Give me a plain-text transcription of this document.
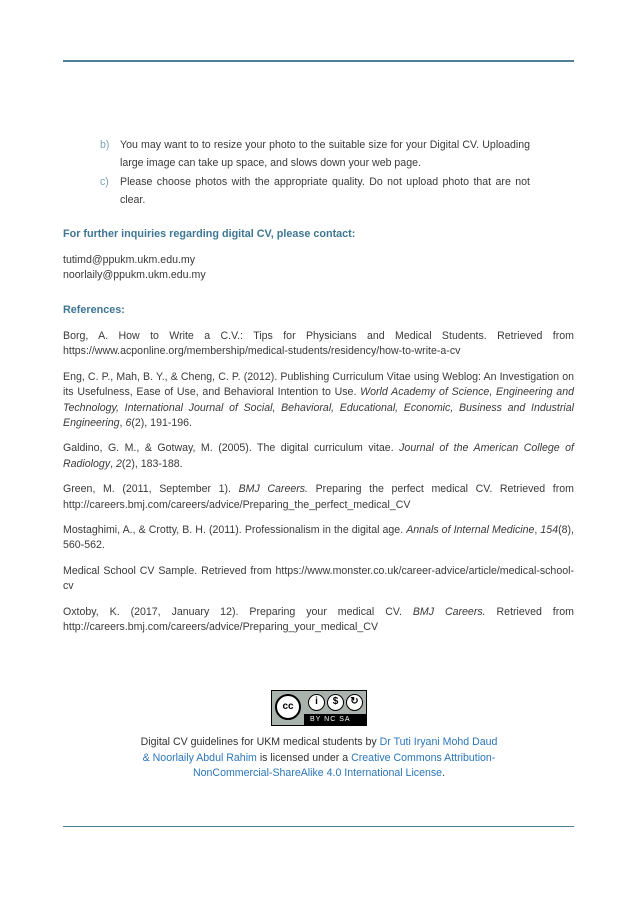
b) You may want to to resize your photo to the suitable size for your Digital CV. Uploading large image can take up space, and slows down your web page.
c)	Please choose photos with the appropriate quality. Do not upload photo that are not clear.
For further inquiries regarding digital CV, please contact:
tutimd@ppukm.ukm.edu.my
noorlaily@ppukm.ukm.edu.my
References:
Borg, A. How to Write a C.V.: Tips for Physicians and Medical Students. Retrieved from https://www.acponline.org/membership/medical-students/residency/how-to-write-a-cv
Eng, C. P., Mah, B. Y., & Cheng, C. P. (2012). Publishing Curriculum Vitae using Weblog: An Investigation on its Usefulness, Ease of Use, and Behavioral Intention to Use. World Academy of Science, Engineering and Technology, International Journal of Social, Behavioral, Educational, Economic, Business and Industrial Engineering, 6(2), 191-196.
Galdino, G. M., & Gotway, M. (2005). The digital curriculum vitae. Journal of the American College of Radiology, 2(2), 183-188.
Green, M. (2011, September 1). BMJ Careers. Preparing the perfect medical CV. Retrieved from http://careers.bmj.com/careers/advice/Preparing_the_perfect_medical_CV
Mostaghimi, A., & Crotty, B. H. (2011). Professionalism in the digital age. Annals of Internal Medicine, 154(8), 560-562.
Medical School CV Sample. Retrieved from https://www.monster.co.uk/career-advice/article/medical-school-cv
Oxtoby, K. (2017, January 12). Preparing your medical CV. BMJ Careers. Retrieved from http://careers.bmj.com/careers/advice/Preparing_your_medical_CV
cc	i	$	↻
BY NC SA
Digital CV guidelines for UKM medical students by Dr Tuti Iryani Mohd Daud & Noorlaily Abdul Rahim is licensed under a Creative Commons Attribution-NonCommercial-ShareAlike 4.0 International License.
